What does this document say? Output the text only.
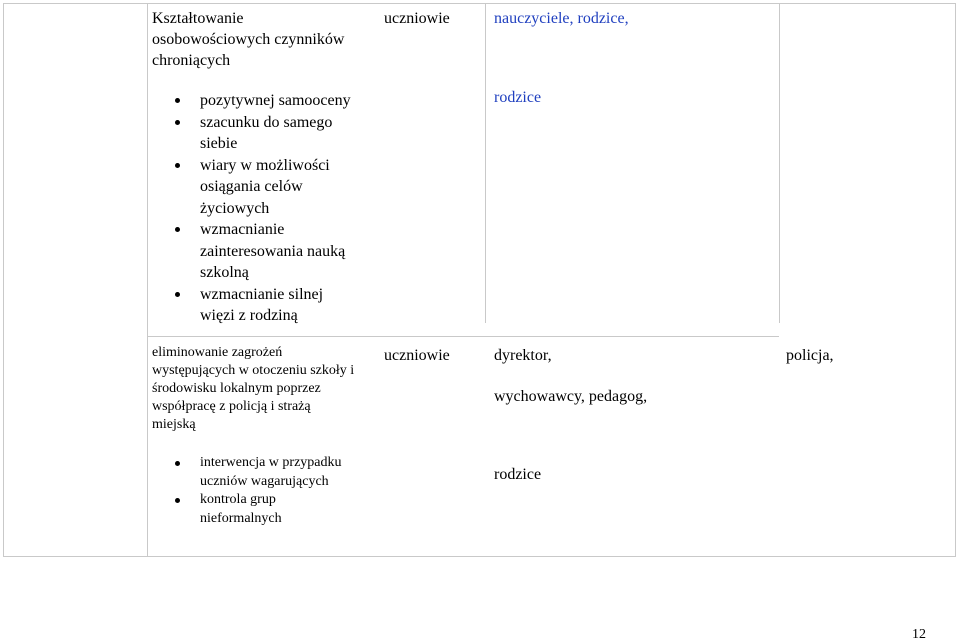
Kształtowanie
osobowościowych czynników
chroniących
pozytywnej samooceny
szacunku do samego
siebie
wiary w możliwości
osiągania celów
życiowych
wzmacnianie
zainteresowania nauką
szkolną
wzmacnianie silnej
więzi z rodziną
uczniowie	nauczyciele, rodzice,
rodzice
eliminowanie zagrożeń
występujących w otoczeniu szkoły i
środowisku lokalnym poprzez
współpracę z policją i strażą
miejską
interwencja w przypadku
uczniów wagarujących
kontrola grup
nieformalnych
uczniowie	dyrektor,
wychowawcy, pedagog,
rodzice
policja,
12
